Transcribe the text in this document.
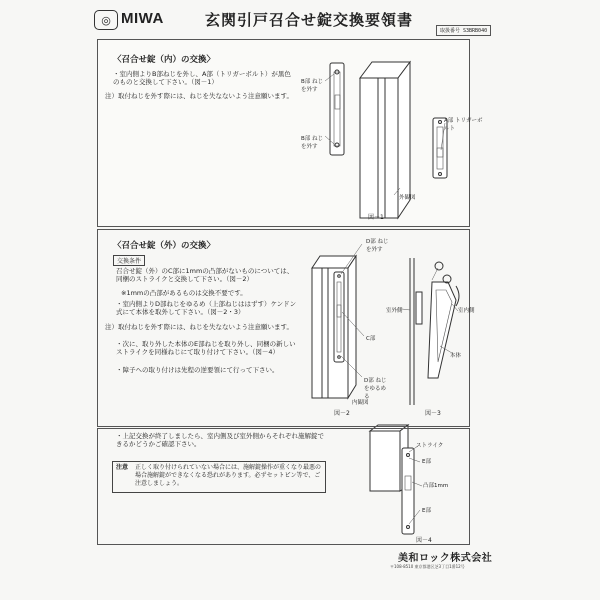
◎ MIWA	玄関引戸召合せ錠交換要領書
取扱番号 S3BRB040
〈召合せ錠（内）の交換〉
・室内側よりB部ねじを外し、A部（トリガーボルト）が黒色のものと交換して下さい。（図－1）
注）取付ねじを外す際には、ねじを失なないよう注意願います。
B部 ねじを外す
B部 ねじを外す
A部 トリガーボルト
外観図
図－1
〈召合せ錠（外）の交換〉
交換条件
召合せ錠（外）のC部に1mmの凸部がないものについては、同梱のストライクと交換して下さい。（図－2）
※1mmの凸部があるものは交換不要です。
・室内側よりD部ねじをゆるめ（上部ねじははずす）ケンドン式にて本体を取外して下さい。（図－2・3）
注）取付ねじを外す際には、ねじを失なないよう注意願います。
・次に、取り外した本体のE部ねじを取り外し、同梱の新しいストライクを同様ねじにて取り付けて下さい。（図－4）
・障子への取り付けは先程の逆要領にて行って下さい。
D部 ねじを外す
C部
D部 ねじをゆるめる
内観図
室外側	室内側
本体
図－2	図－3
・上記交換が終了しましたら、室内側及び室外側からそれぞれ施解錠できるかどうかご確認下さい。
注意 正しく取り付けられていない場合には、施解錠操作が重くなり最悪の場合施解錠ができなくなる恐れがあります。必ずセットピン等で、ご注意しましょう。
ストライク
E部
凸部1mm
E部
図－4
美和ロック株式会社
〒108-8510 東京都港区芝3丁目1番12号
